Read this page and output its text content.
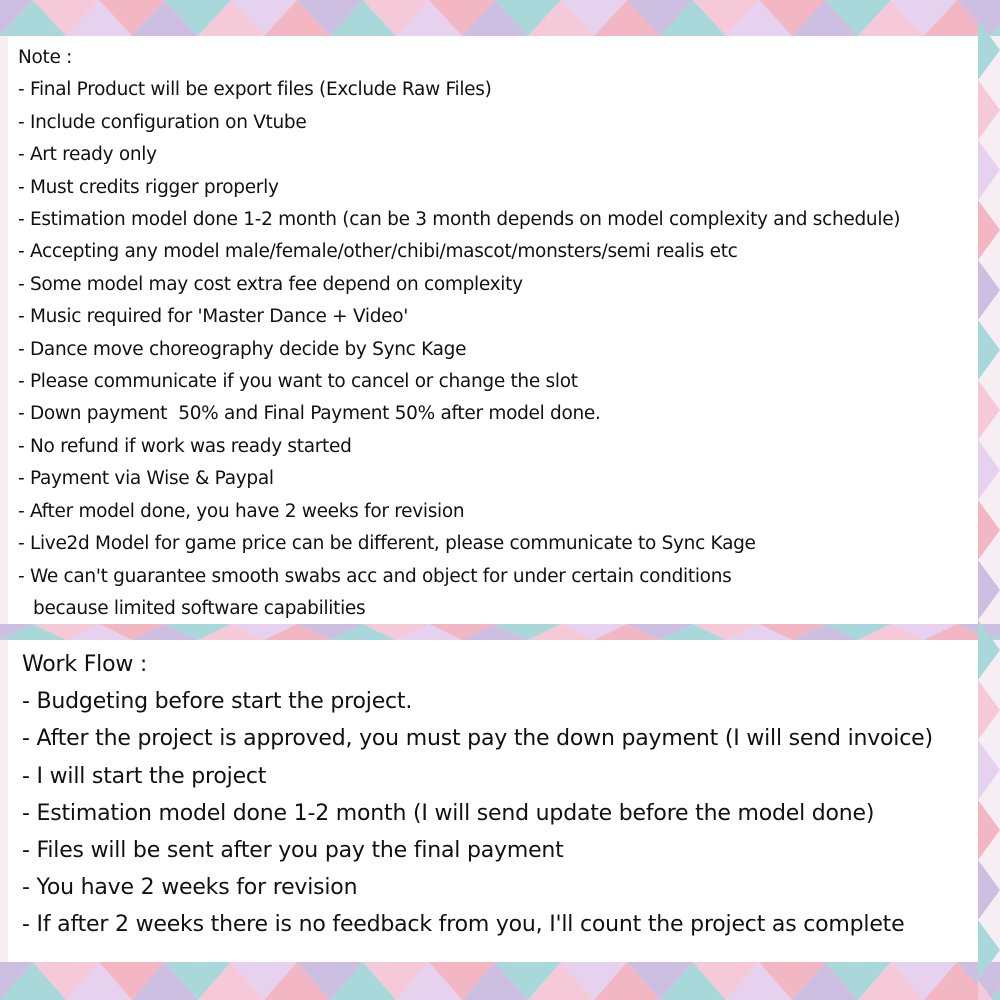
Note :
- Final Product will be export files (Exclude Raw Files)
- Include configuration on Vtube
- Art ready only
- Must credits rigger properly
- Estimation model done 1-2 month (can be 3 month depends on model complexity and schedule)
- Accepting any model male/female/other/chibi/mascot/monsters/semi realis etc
- Some model may cost extra fee depend on complexity
- Music required for 'Master Dance + Video'
- Dance move choreography decide by Sync Kage
- Please communicate if you want to cancel or change the slot
- Down payment  50% and Final Payment 50% after model done.
- No refund if work was ready started
- Payment via Wise & Paypal
- After model done, you have 2 weeks for revision
- Live2d Model for game price can be different, please communicate to Sync Kage
- We can't guarantee smooth swabs acc and object for under certain conditions
because limited software capabilities
Work Flow :
- Budgeting before start the project.
- After the project is approved, you must pay the down payment (I will send invoice)
- I will start the project
- Estimation model done 1-2 month (I will send update before the model done)
- Files will be sent after you pay the final payment
- You have 2 weeks for revision
- If after 2 weeks there is no feedback from you, I'll count the project as complete
